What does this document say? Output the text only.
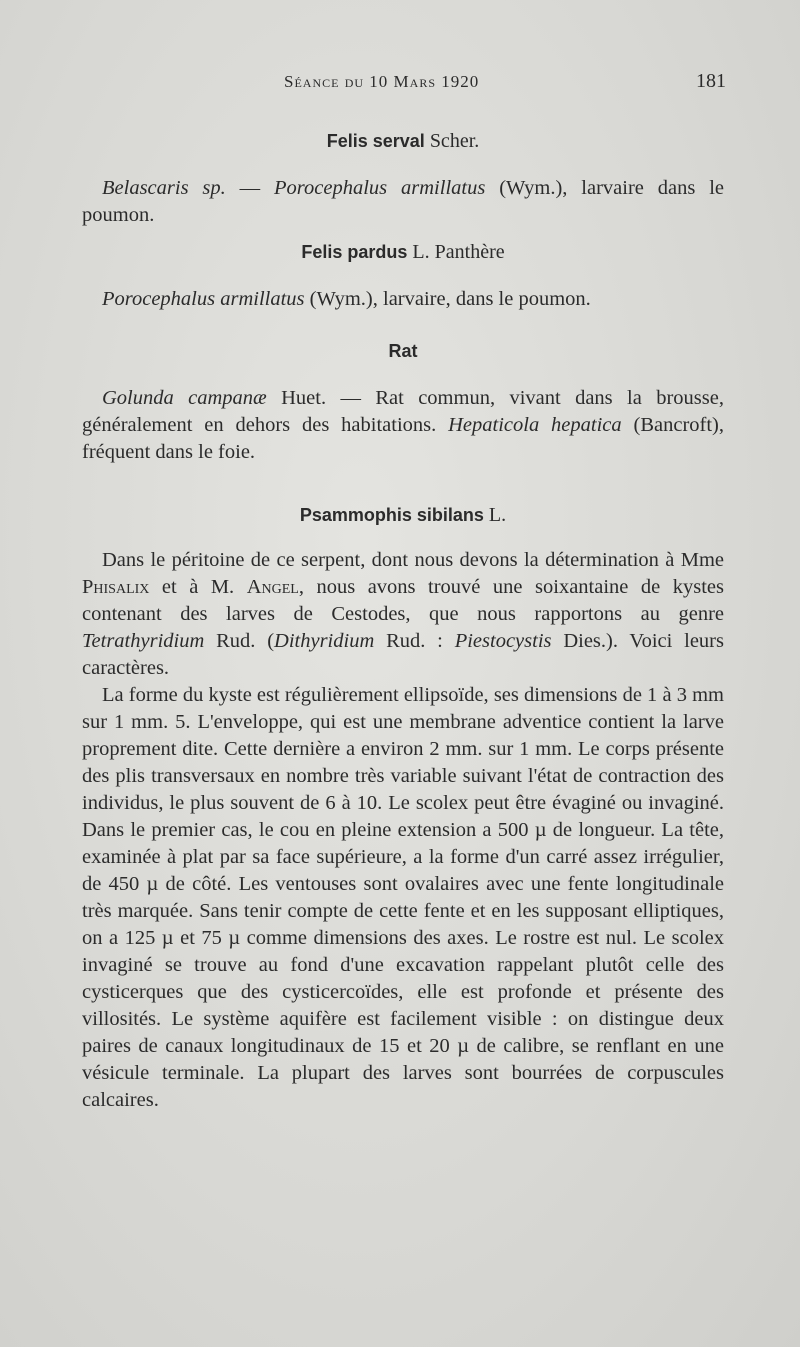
Séance du 10 Mars 1920	181
Felis serval Scher.

Belascaris sp. — Porocephalus armillatus (Wym.), larvaire dans le poumon.

Felis pardus L. Panthère

Porocephalus armillatus (Wym.), larvaire, dans le poumon.

Rat

Golunda campanæ Huet. — Rat commun, vivant dans la brousse, généralement en dehors des habitations. Hepaticola hepatica (Bancroft), fréquent dans le foie.

Psammophis sibilans L.

Dans le péritoine de ce serpent, dont nous devons la détermination à Mme Phisalix et à M. Angel, nous avons trouvé une soixantaine de kystes contenant des larves de Cestodes, que nous rapportons au genre Tetrathyridium Rud. (Dithyridium Rud. : Piestocystis Dies.). Voici leurs caractères.

La forme du kyste est régulièrement ellipsoïde, ses dimensions de 1 à 3 mm sur 1 mm. 5. L'enveloppe, qui est une membrane adventice contient la larve proprement dite. Cette dernière a environ 2 mm. sur 1 mm. Le corps présente des plis transversaux en nombre très variable suivant l'état de contraction des individus, le plus souvent de 6 à 10. Le scolex peut être évaginé ou invaginé. Dans le premier cas, le cou en pleine extension a 500 µ de longueur. La tête, examinée à plat par sa face supérieure, a la forme d'un carré assez irrégulier, de 450 µ de côté. Les ventouses sont ovalaires avec une fente longitudinale très marquée. Sans tenir compte de cette fente et en les supposant elliptiques, on a 125 µ et 75 µ comme dimensions des axes. Le rostre est nul. Le scolex invaginé se trouve au fond d'une excavation rappelant plutôt celle des cysticerques que des cysticercoïdes, elle est profonde et présente des villosités. Le système aquifère est facilement visible : on distingue deux paires de canaux longitudinaux de 15 et 20 µ de calibre, se renflant en une vésicule terminale. La plupart des larves sont bourrées de corpuscules calcaires.
